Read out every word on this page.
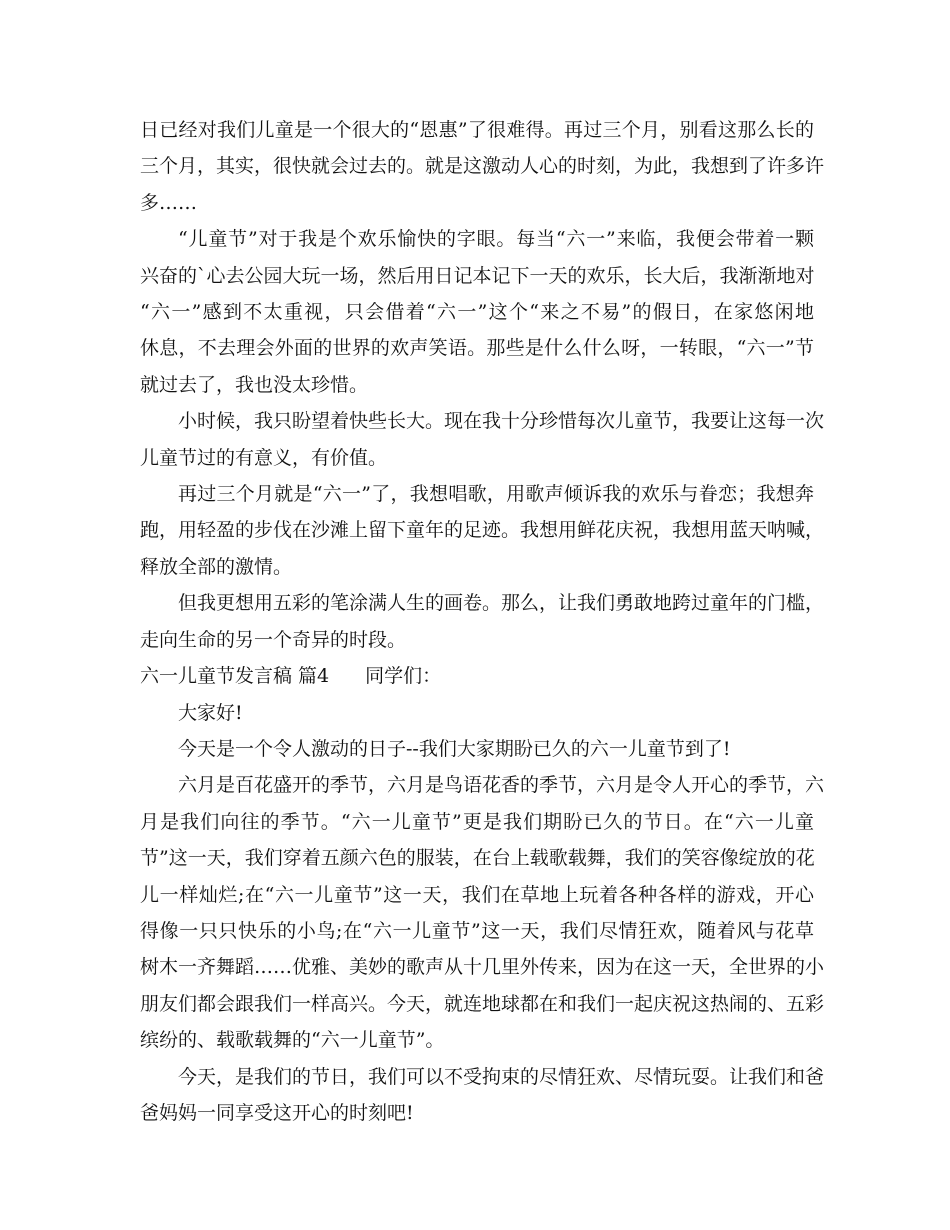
日已经对我们儿童是一个很大的“恩惠”了很难得。再过三个月，别看这那么长的
三个月，其实，很快就会过去的。就是这激动人心的时刻，为此，我想到了许多许
多……
“儿童节”对于我是个欢乐愉快的字眼。每当“六一”来临，我便会带着一颗
兴奋的`心去公园大玩一场，然后用日记本记下一天的欢乐，长大后，我渐渐地对
“六一”感到不太重视，只会借着“六一”这个“来之不易”的假日，在家悠闲地
休息，不去理会外面的世界的欢声笑语。那些是什么什么呀，一转眼，“六一”节
就过去了，我也没太珍惜。
小时候，我只盼望着快些长大。现在我十分珍惜每次儿童节，我要让这每一次
儿童节过的有意义，有价值。
再过三个月就是“六一”了，我想唱歌，用歌声倾诉我的欢乐与眷恋；我想奔
跑，用轻盈的步伐在沙滩上留下童年的足迹。我想用鲜花庆祝，我想用蓝天呐喊，
释放全部的激情。
但我更想用五彩的笔涂满人生的画卷。那么，让我们勇敢地跨过童年的门槛，
走向生命的另一个奇异的时段。
六一儿童节发言稿 篇4 同学们：
大家好!
今天是一个令人激动的日子--我们大家期盼已久的六一儿童节到了!
六月是百花盛开的季节，六月是鸟语花香的季节，六月是令人开心的季节，六
月是我们向往的季节。“六一儿童节”更是我们期盼已久的节日。在“六一儿童
节”这一天，我们穿着五颜六色的服装，在台上载歌载舞，我们的笑容像绽放的花
儿一样灿烂;在“六一儿童节”这一天，我们在草地上玩着各种各样的游戏，开心
得像一只只快乐的小鸟;在“六一儿童节”这一天，我们尽情狂欢，随着风与花草
树木一齐舞蹈……优雅、美妙的歌声从十几里外传来，因为在这一天，全世界的小
朋友们都会跟我们一样高兴。今天，就连地球都在和我们一起庆祝这热闹的、五彩
缤纷的、载歌载舞的“六一儿童节”。
今天，是我们的节日，我们可以不受拘束的尽情狂欢、尽情玩耍。让我们和爸
爸妈妈一同享受这开心的时刻吧!
